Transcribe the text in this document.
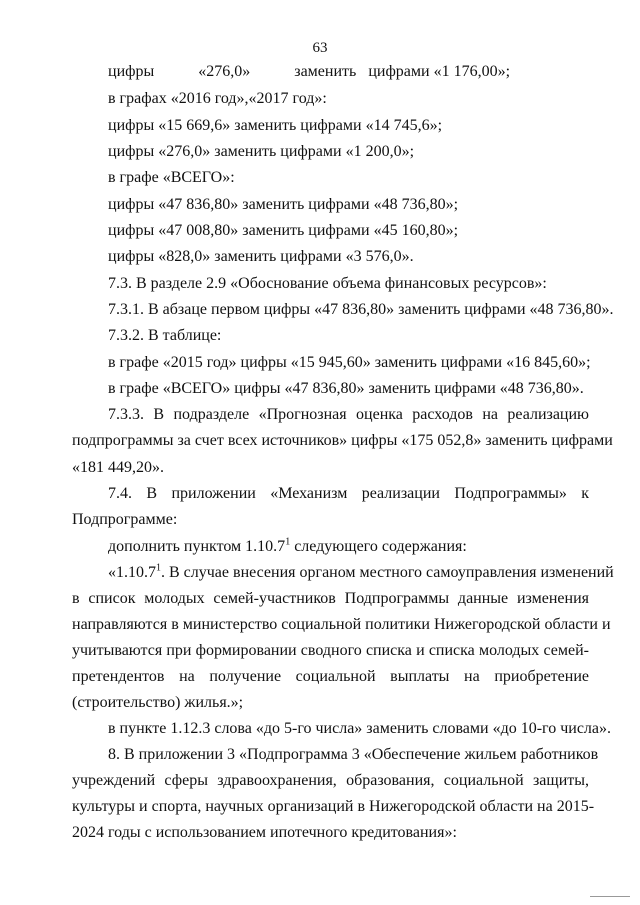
63
цифры	«276,0»	заменить цифрами «1 176,00»;
в графах «2016 год»,«2017 год»:
цифры «15 669,6» заменить цифрами «14 745,6»;
цифры «276,0» заменить цифрами «1 200,0»;
в графе «ВСЕГО»:
цифры «47 836,80» заменить цифрами «48 736,80»;
цифры «47 008,80» заменить цифрами «45 160,80»;
цифры «828,0» заменить цифрами «3 576,0».
7.3. В разделе 2.9 «Обоснование объема финансовых ресурсов»:
7.3.1. В абзаце первом цифры «47 836,80» заменить цифрами «48 736,80».
7.3.2. В таблице:
в графе «2015 год» цифры «15 945,60» заменить цифрами «16 845,60»;
в графе «ВСЕГО» цифры «47 836,80» заменить цифрами «48 736,80».
7.3.3. В подразделе «Прогнозная оценка расходов на реализацию
подпрограммы за счет всех источников» цифры «175 052,8» заменить цифрами
«181 449,20».
7.4. В приложении «Механизм реализации Подпрограммы» к
Подпрограмме:
дополнить пунктом 1.10.7$^1$ следующего содержания:
«1.10.7$^1$. В случае внесения органом местного самоуправления изменений
в список молодых семей-участников Подпрограммы данные изменения
направляются в министерство социальной политики Нижегородской области и
учитываются при формировании сводного списка и списка молодых семей-
претендентов на получение социальной выплаты на приобретение
(строительство) жилья.»;
в пункте 1.12.3 слова «до 5-го числа» заменить словами «до 10-го числа».
8. В приложении 3 «Подпрограмма 3 «Обеспечение жильем работников
учреждений сферы здравоохранения, образования, социальной защиты,
культуры и спорта, научных организаций в Нижегородской области на 2015-
2024 годы с использованием ипотечного кредитования»:
